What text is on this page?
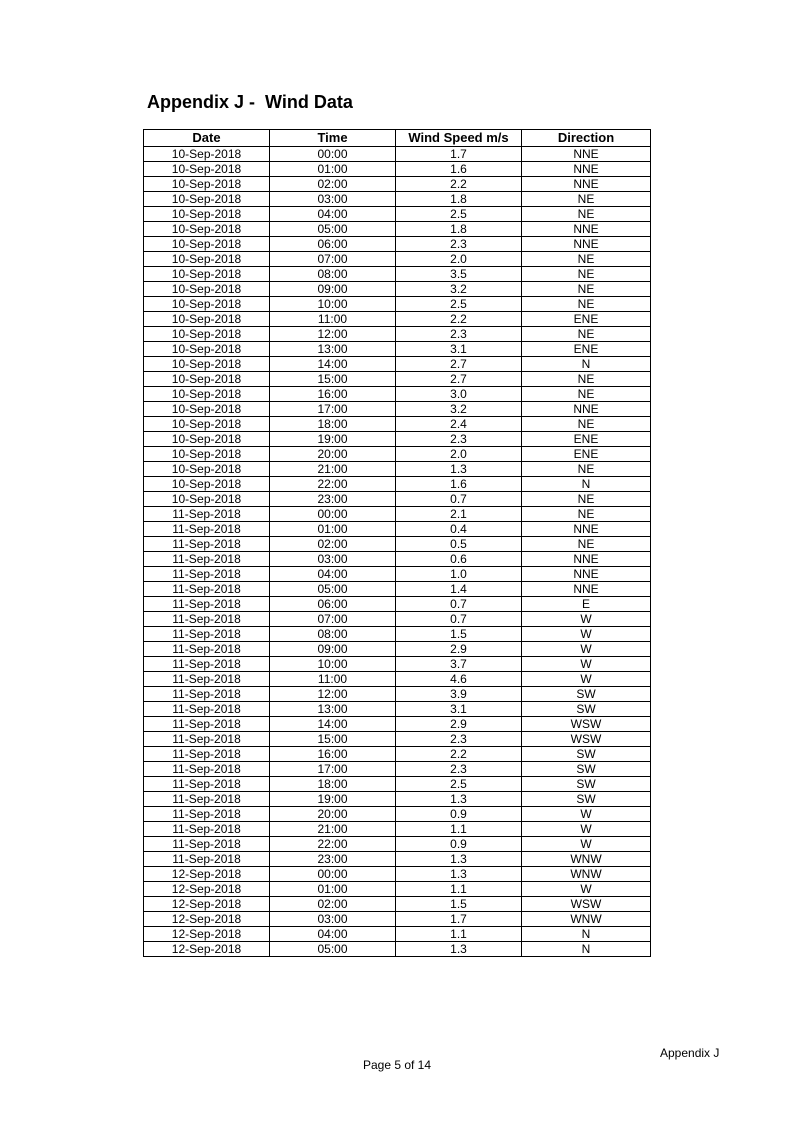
Appendix J -  Wind Data
Date	Time	Wind Speed m/s	Direction
10-Sep-2018	00:00	1.7	NNE
10-Sep-2018	01:00	1.6	NNE
10-Sep-2018	02:00	2.2	NNE
10-Sep-2018	03:00	1.8	NE
10-Sep-2018	04:00	2.5	NE
10-Sep-2018	05:00	1.8	NNE
10-Sep-2018	06:00	2.3	NNE
10-Sep-2018	07:00	2.0	NE
10-Sep-2018	08:00	3.5	NE
10-Sep-2018	09:00	3.2	NE
10-Sep-2018	10:00	2.5	NE
10-Sep-2018	11:00	2.2	ENE
10-Sep-2018	12:00	2.3	NE
10-Sep-2018	13:00	3.1	ENE
10-Sep-2018	14:00	2.7	N
10-Sep-2018	15:00	2.7	NE
10-Sep-2018	16:00	3.0	NE
10-Sep-2018	17:00	3.2	NNE
10-Sep-2018	18:00	2.4	NE
10-Sep-2018	19:00	2.3	ENE
10-Sep-2018	20:00	2.0	ENE
10-Sep-2018	21:00	1.3	NE
10-Sep-2018	22:00	1.6	N
10-Sep-2018	23:00	0.7	NE
11-Sep-2018	00:00	2.1	NE
11-Sep-2018	01:00	0.4	NNE
11-Sep-2018	02:00	0.5	NE
11-Sep-2018	03:00	0.6	NNE
11-Sep-2018	04:00	1.0	NNE
11-Sep-2018	05:00	1.4	NNE
11-Sep-2018	06:00	0.7	E
11-Sep-2018	07:00	0.7	W
11-Sep-2018	08:00	1.5	W
11-Sep-2018	09:00	2.9	W
11-Sep-2018	10:00	3.7	W
11-Sep-2018	11:00	4.6	W
11-Sep-2018	12:00	3.9	SW
11-Sep-2018	13:00	3.1	SW
11-Sep-2018	14:00	2.9	WSW
11-Sep-2018	15:00	2.3	WSW
11-Sep-2018	16:00	2.2	SW
11-Sep-2018	17:00	2.3	SW
11-Sep-2018	18:00	2.5	SW
11-Sep-2018	19:00	1.3	SW
11-Sep-2018	20:00	0.9	W
11-Sep-2018	21:00	1.1	W
11-Sep-2018	22:00	0.9	W
11-Sep-2018	23:00	1.3	WNW
12-Sep-2018	00:00	1.3	WNW
12-Sep-2018	01:00	1.1	W
12-Sep-2018	02:00	1.5	WSW
12-Sep-2018	03:00	1.7	WNW
12-Sep-2018	04:00	1.1	N
12-Sep-2018	05:00	1.3	N
Appendix J
Page 5 of 14
